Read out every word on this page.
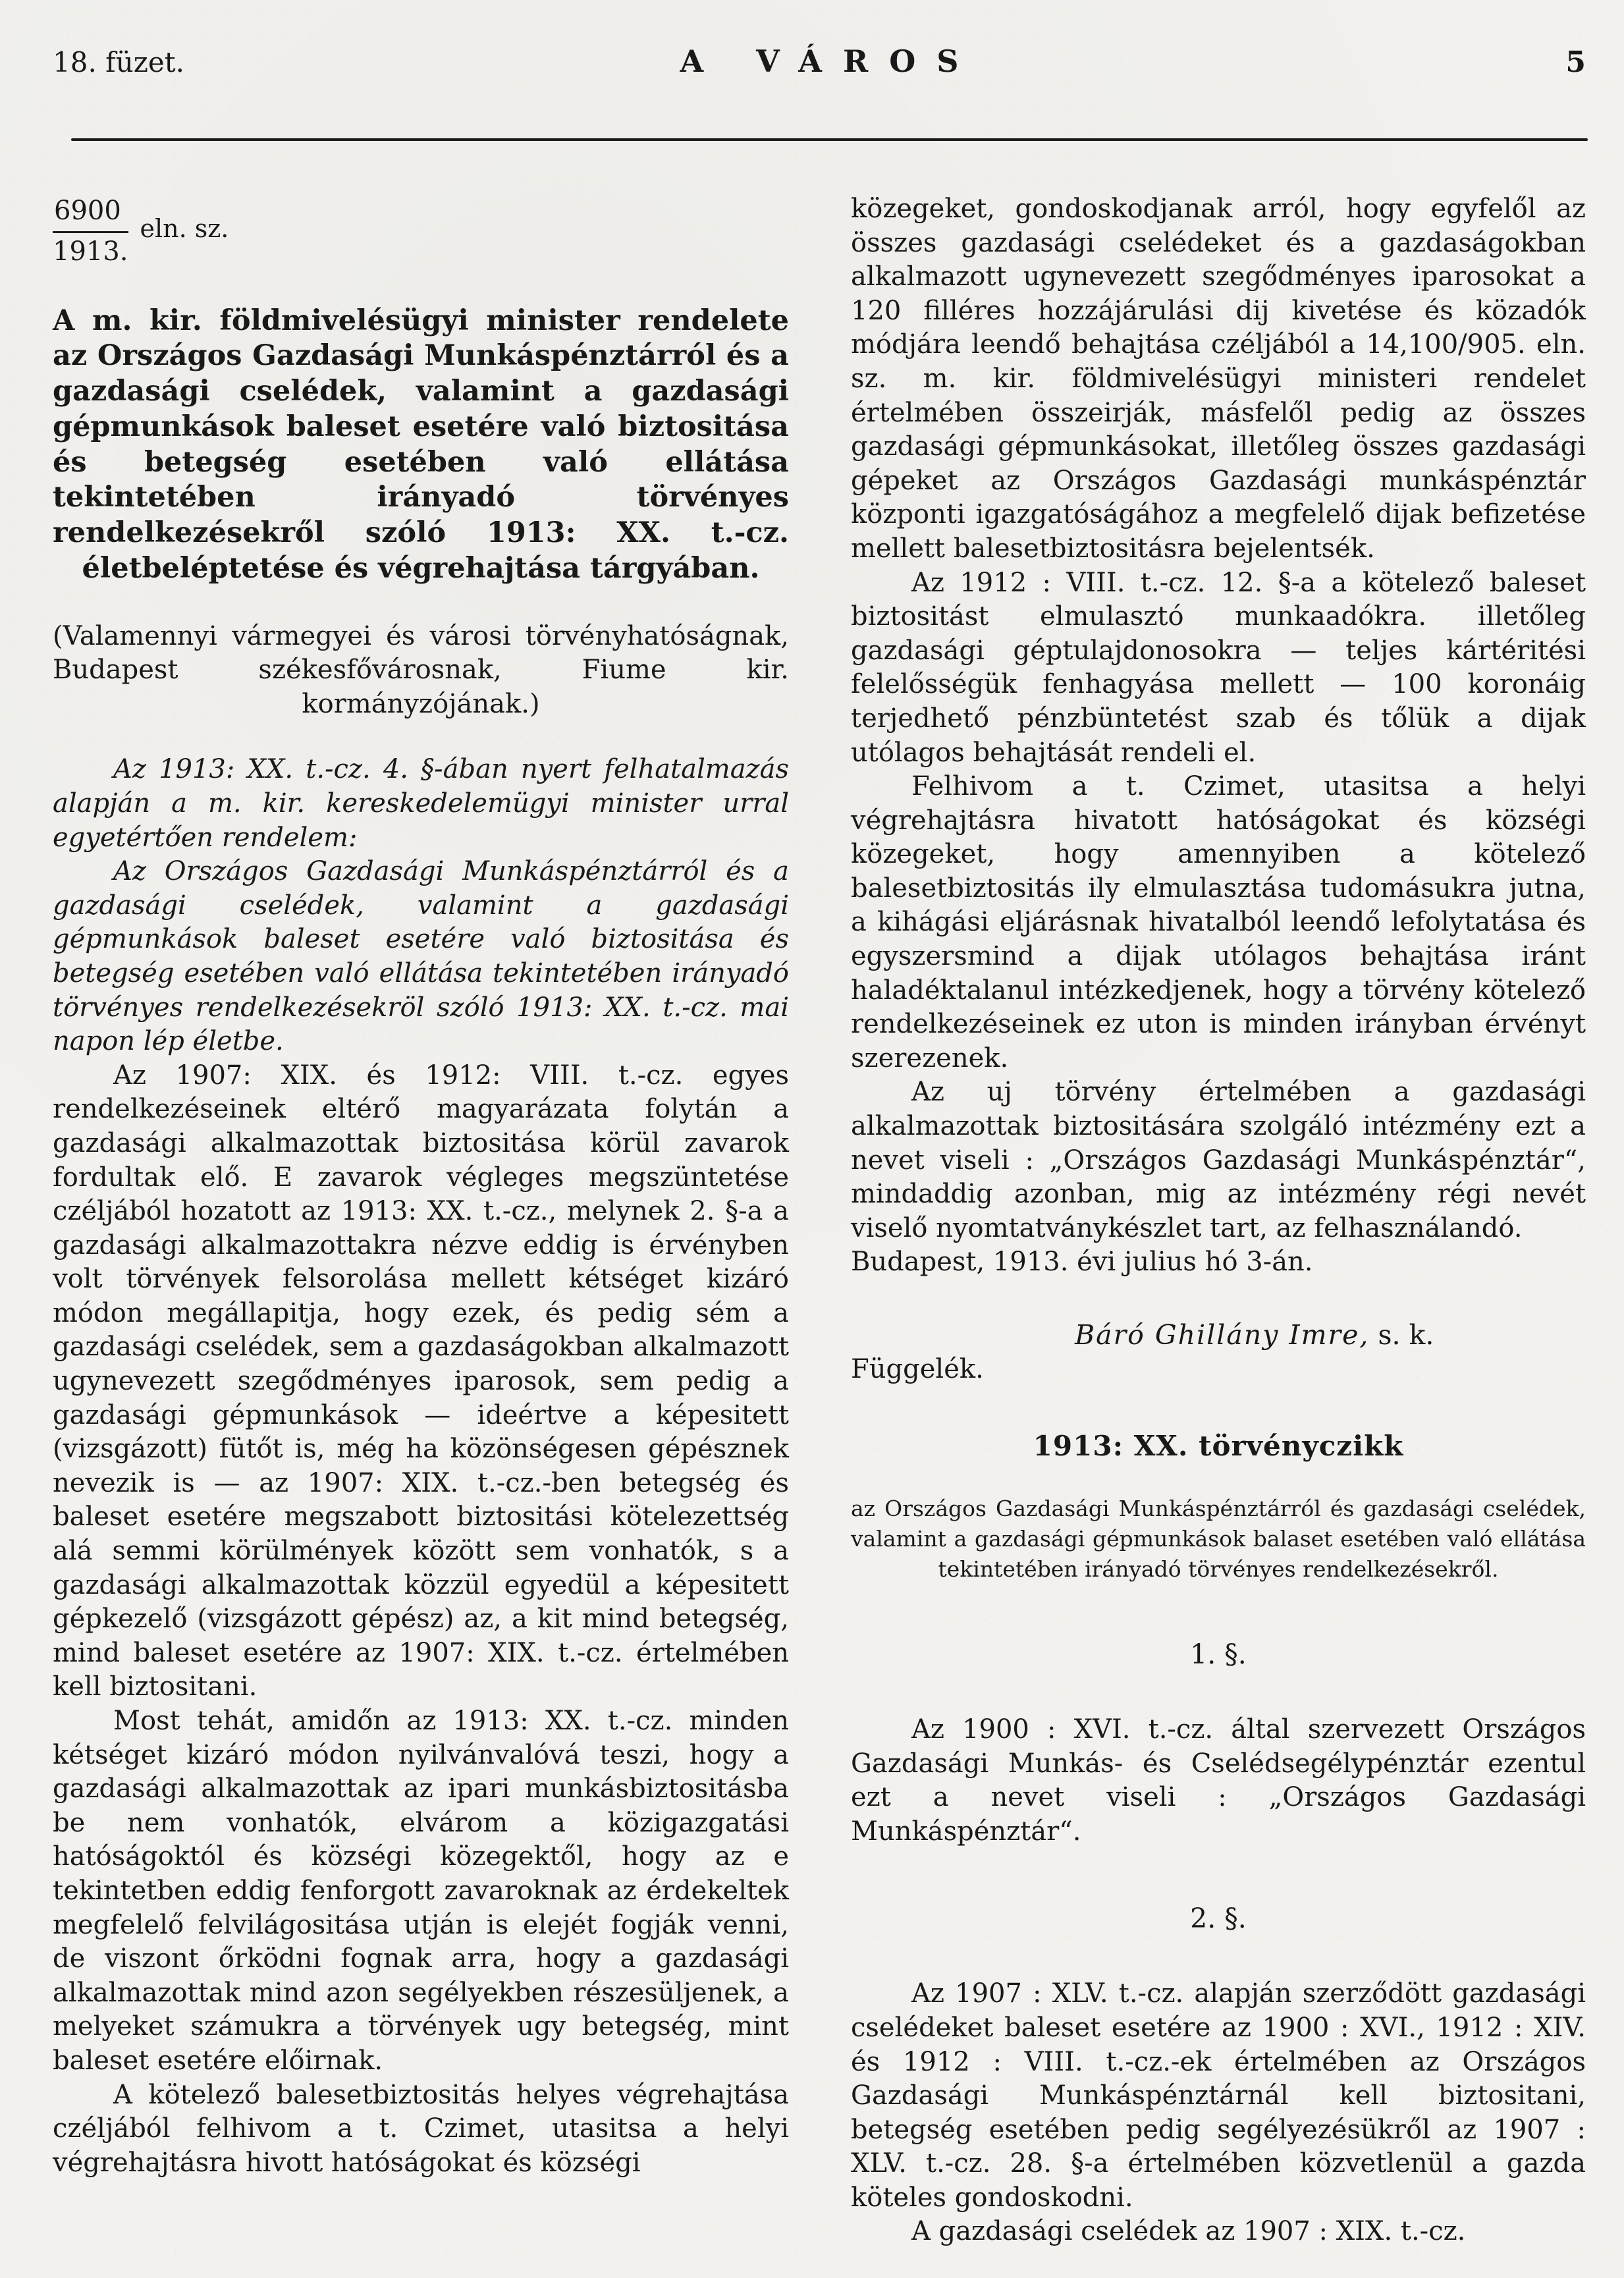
18. füzet.	A VÁROS	5
$\frac{6900}{1913.} eln$. sz.
A m. kir. földmivelésügyi minister rendelete az Országos Gazdasági Munkáspénztárról és a gazdasági cselédek, valamint a gazdasági gépmunkások baleset esetére való biztositása és betegség esetében való ellátása tekintetében irányadó törvényes rendelkezésekről szóló 1913: XX. t.-cz. életbeléptetése és végrehajtása tárgyában.
(Valamennyi vármegyei és városi törvényhatóságnak, Budapest székesfővárosnak, Fiume kir. kormányzójának.)

Az 1913: XX. t.-cz. 4. §-ában nyert felhatalmazás alapján a m. kir. kereskedelemügyi minister urral egyetértően rendelem:

Az Országos Gazdasági Munkáspénztárról és a gazdasági cselédek, valamint a gazdasági gépmunkások baleset esetére való biztositása és betegség esetében való ellátása tekintetében irányadó törvényes rendelkezésekröl szóló 1913: XX. t.-cz. mai napon lép életbe.

Az 1907: XIX. és 1912: VIII. t.-cz. egyes rendelkezéseinek eltérő magyarázata folytán a gazdasági alkalmazottak biztositása körül zavarok fordultak elő. E zavarok végleges megszüntetése czéljából hozatott az 1913: XX. t.-cz., melynek 2. §-a a gazdasági alkalmazottakra nézve eddig is érvényben volt törvények felsorolása mellett kétséget kizáró módon megállapitja, hogy ezek, és pedig sém a gazdasági cselédek, sem a gazdaságokban alkalmazott ugynevezett szegődményes iparosok, sem pedig a gazdasági gépmunkások — ideértve a képesitett (vizsgázott) fütőt is, még ha közönségesen gépésznek nevezik is — az 1907: XIX. t.-cz.-ben betegség és baleset esetére megszabott biztositási kötelezettség alá semmi körülmények között sem vonhatók, s a gazdasági alkalmazottak közzül egyedül a képesitett gépkezelő (vizsgázott gépész) az, a kit mind betegség, mind baleset esetére az 1907: XIX. t.-cz. értelmében kell biztositani.

Most tehát, amidőn az 1913: XX. t.-cz. minden kétséget kizáró módon nyilvánvalóvá teszi, hogy a gazdasági alkalmazottak az ipari munkásbiztositásba be nem vonhatók, elvárom a közigazgatási hatóságoktól és községi közegektől, hogy az e tekintetben eddig fenforgott zavaroknak az érdekeltek megfelelő felvilágositása utján is elejét fogják venni, de viszont őrködni fognak arra, hogy a gazdasági alkalmazottak mind azon segélyekben részesüljenek, a melyeket számukra a törvények ugy betegség, mint baleset esetére előirnak.

A kötelező balesetbiztositás helyes végrehajtása czéljából felhivom a t. Czimet, utasitsa a helyi végrehajtásra hivott hatóságokat és községi

közegeket, gondoskodjanak arról, hogy egyfelől az összes gazdasági cselédeket és a gazdaságokban alkalmazott ugynevezett szegődményes iparosokat a 120 filléres hozzájárulási dij kivetése és közadók módjára leendő behajtása czéljából a 14,100/905. eln. sz. m. kir. földmivelésügyi ministeri rendelet értelmében összeirják, másfelől pedig az összes gazdasági gépmunkásokat, illetőleg összes gazdasági gépeket az Országos Gazdasági munkáspénztár központi igazgatóságához a megfelelő dijak befizetése mellett balesetbiztositásra bejelentsék.

Az 1912 : VIII. t.-cz. 12. §-a a kötelező baleset biztositást elmulasztó munkaadókra. illetőleg gazdasági géptulajdonosokra — teljes kártéritési felelősségük fenhagyása mellett — 100 koronáig terjedhető pénzbüntetést szab és tőlük a dijak utólagos behajtását rendeli el.

Felhivom a t. Czimet, utasitsa a helyi végrehajtásra hivatott hatóságokat és községi közegeket, hogy amennyiben a kötelező balesetbiztositás ily elmulasztása tudomásukra jutna, a kihágási eljárásnak hivatalból leendő lefolytatása és egyszersmind a dijak utólagos behajtása iránt haladéktalanul intézkedjenek, hogy a törvény kötelező rendelkezéseinek ez uton is minden irányban érvényt szerezenek.

Az uj törvény értelmében a gazdasági alkalmazottak biztositására szolgáló intézmény ezt a nevet viseli : „Országos Gazdasági Munkáspénztár“, mindaddig azonban, mig az intézmény régi nevét viselő nyomtatványkészlet tart, az felhasználandó.

Budapest, 1913. évi julius hó 3-án.

Báró Ghillány Imre, s. k.

Függelék.

1913: XX. törvényczikk
az Országos Gazdasági Munkáspénztárról és gazdasági cselédek, valamint a gazdasági gépmunkások balaset esetében való ellátása tekintetében irányadó törvényes rendelkezésekről.
1. §.

Az 1900 : XVI. t.-cz. által szervezett Országos Gazdasági Munkás- és Cselédsegélypénztár ezentul ezt a nevet viseli : „Országos Gazdasági Munkáspénztár“.

2. §.

Az 1907 : XLV. t.-cz. alapján szerződött gazdasági cselédeket baleset esetére az 1900 : XVI., 1912 : XIV. és 1912 : VIII. t.-cz.-ek értelmében az Országos Gazdasági Munkáspénztárnál kell biztositani, betegség esetében pedig segélyezésükről az 1907 : XLV. t.-cz. 28. §-a értelmében közvetlenül a gazda köteles gondoskodni.

A gazdasági cselédek az 1907 : XIX. t.-cz.
